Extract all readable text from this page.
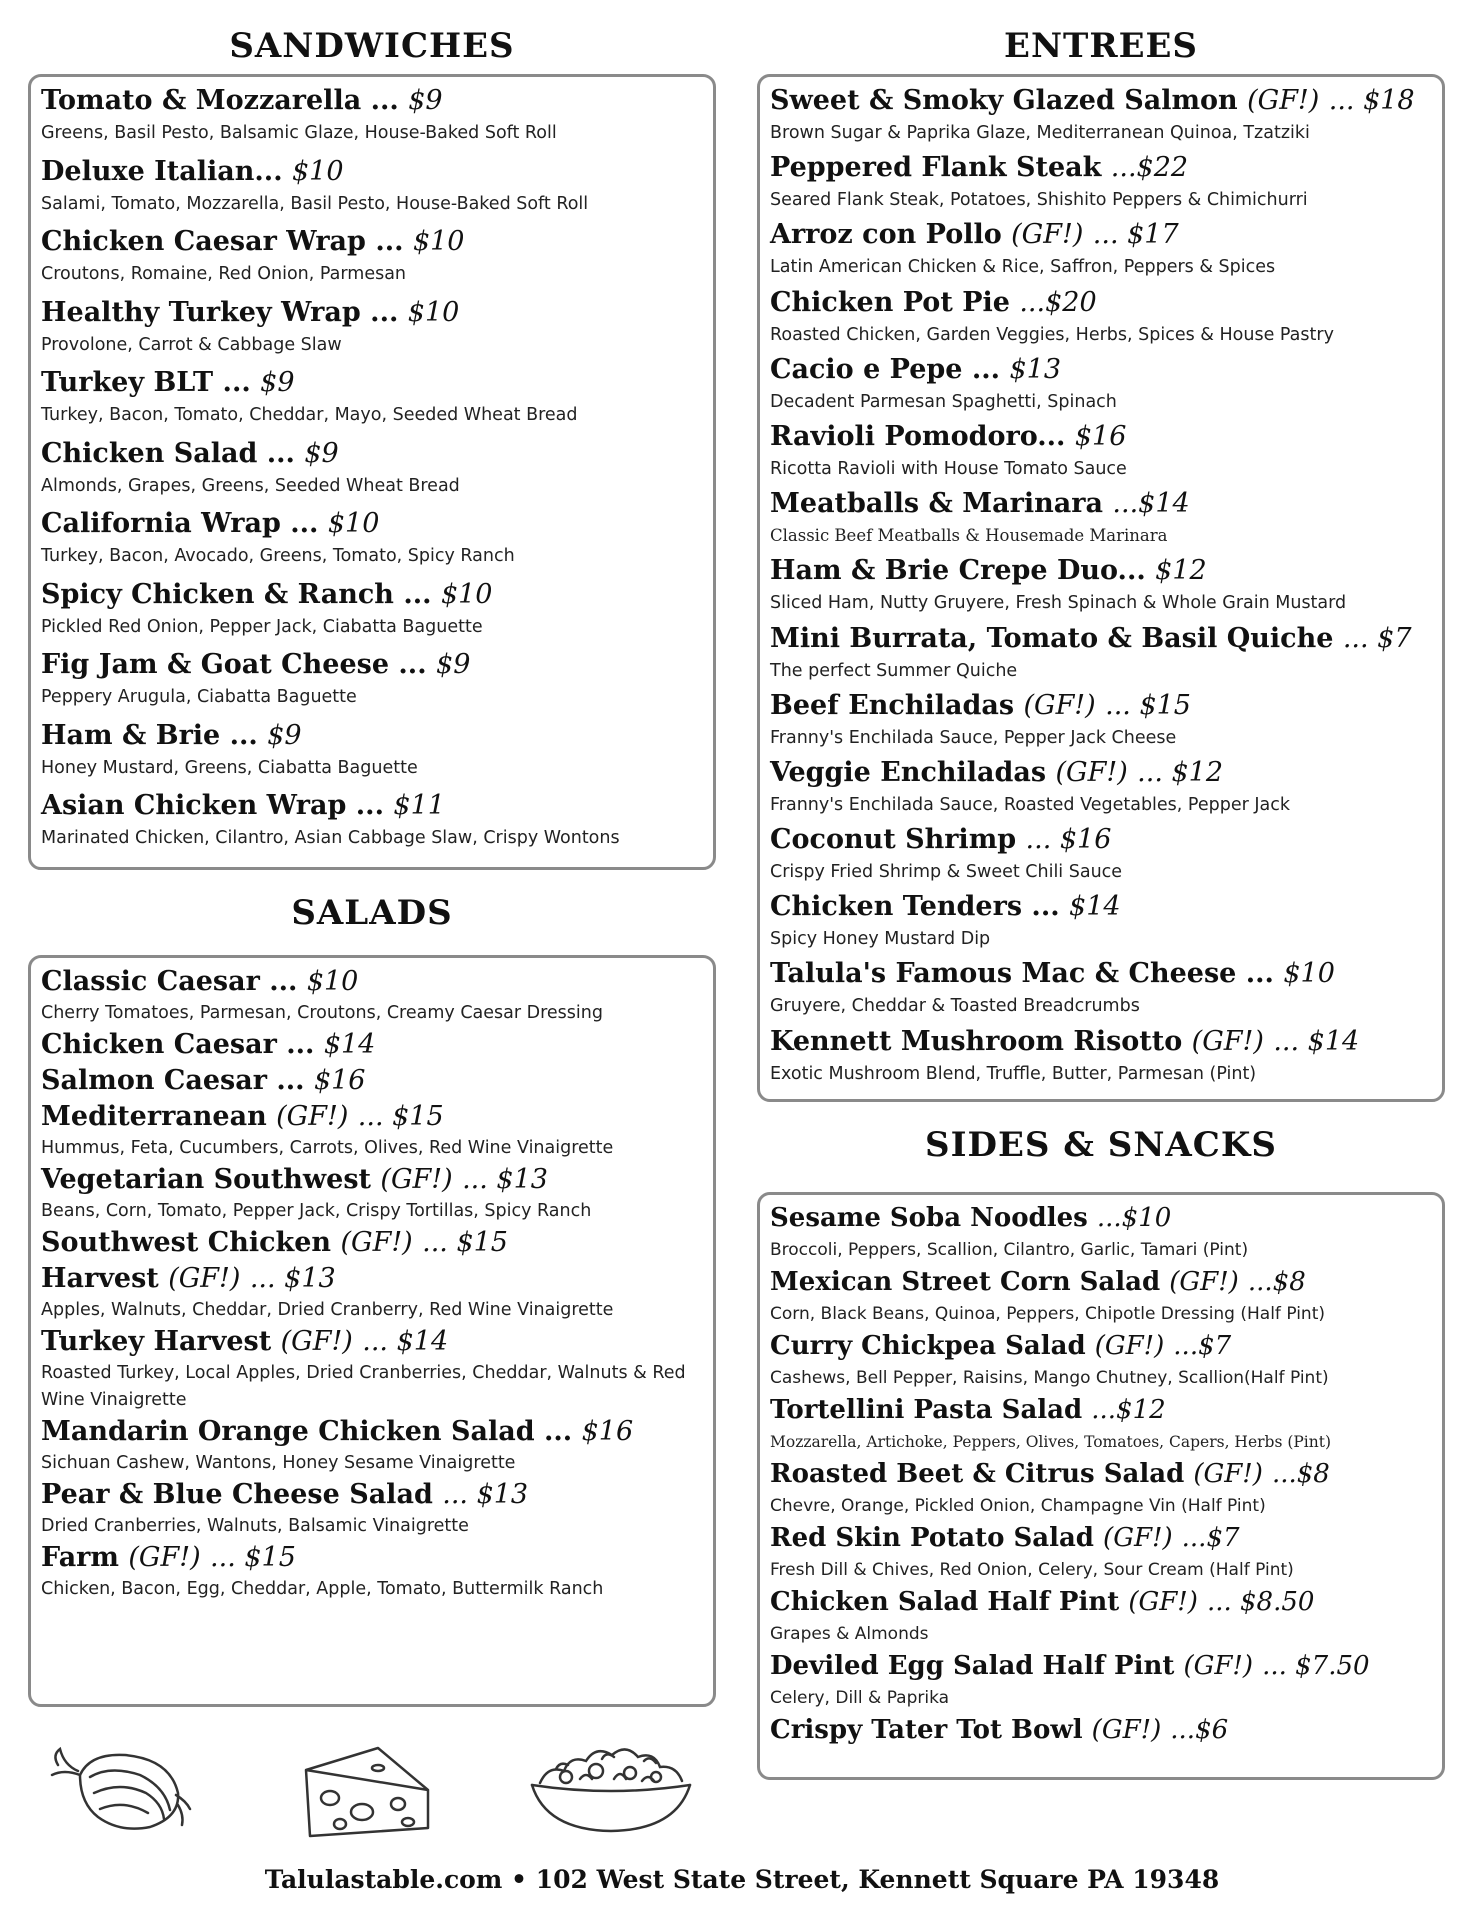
SANDWICHES	ENTREES
SALADS
SIDES & SNACKS
Tomato & Mozzarella ... $9
Greens, Basil Pesto, Balsamic Glaze, House-Baked Soft Roll
Deluxe Italian... $10
Salami, Tomato, Mozzarella, Basil Pesto, House-Baked Soft Roll
Chicken Caesar Wrap ... $10
Croutons, Romaine, Red Onion, Parmesan
Healthy Turkey Wrap ... $10
Provolone, Carrot & Cabbage Slaw
Turkey BLT ... $9
Turkey, Bacon, Tomato, Cheddar, Mayo, Seeded Wheat Bread
Chicken Salad ... $9
Almonds, Grapes, Greens, Seeded Wheat Bread
California Wrap ... $10
Turkey, Bacon, Avocado, Greens, Tomato, Spicy Ranch
Spicy Chicken & Ranch ... $10
Pickled Red Onion, Pepper Jack, Ciabatta Baguette
Fig Jam & Goat Cheese ... $9
Peppery Arugula, Ciabatta Baguette
Ham & Brie ... $9
Honey Mustard, Greens, Ciabatta Baguette
Asian Chicken Wrap ... $11
Marinated Chicken, Cilantro, Asian Cabbage Slaw, Crispy Wontons
Classic Caesar ... $10
Cherry Tomatoes, Parmesan, Croutons, Creamy Caesar Dressing
Chicken Caesar ... $14
Salmon Caesar ... $16
Mediterranean (GF!) ... $15
Hummus, Feta, Cucumbers, Carrots, Olives, Red Wine Vinaigrette
Vegetarian Southwest (GF!) ... $13
Beans, Corn, Tomato, Pepper Jack, Crispy Tortillas, Spicy Ranch
Southwest Chicken (GF!) ... $15
Harvest (GF!) ... $13
Apples, Walnuts, Cheddar, Dried Cranberry, Red Wine Vinaigrette
Turkey Harvest (GF!) ... $14
Roasted Turkey, Local Apples, Dried Cranberries, Cheddar, Walnuts & Red Wine Vinaigrette
Mandarin Orange Chicken Salad ... $16
Sichuan Cashew, Wantons, Honey Sesame Vinaigrette
Pear & Blue Cheese Salad ... $13
Dried Cranberries, Walnuts, Balsamic Vinaigrette
Farm (GF!) ... $15
Chicken, Bacon, Egg, Cheddar, Apple, Tomato, Buttermilk Ranch
Sweet & Smoky Glazed Salmon (GF!) ... $18
Brown Sugar & Paprika Glaze, Mediterranean Quinoa, Tzatziki
Peppered Flank Steak ...$22
Seared Flank Steak, Potatoes, Shishito Peppers & Chimichurri
Arroz con Pollo (GF!) ... $17
Latin American Chicken & Rice, Saffron, Peppers & Spices
Chicken Pot Pie ...$20
Roasted Chicken, Garden Veggies, Herbs, Spices & House Pastry
Cacio e Pepe ... $13
Decadent Parmesan Spaghetti, Spinach
Ravioli Pomodoro... $16
Ricotta Ravioli with House Tomato Sauce
Meatballs & Marinara ...$14
Classic Beef Meatballs & Housemade Marinara
Ham & Brie Crepe Duo... $12
Sliced Ham, Nutty Gruyere, Fresh Spinach & Whole Grain Mustard
Mini Burrata, Tomato & Basil Quiche ... $7
The perfect Summer Quiche
Beef Enchiladas (GF!) ... $15
Franny's Enchilada Sauce, Pepper Jack Cheese
Veggie Enchiladas (GF!) ... $12
Franny's Enchilada Sauce, Roasted Vegetables, Pepper Jack
Coconut Shrimp ... $16
Crispy Fried Shrimp & Sweet Chili Sauce
Chicken Tenders ... $14
Spicy Honey Mustard Dip
Talula's Famous Mac & Cheese ... $10
Gruyere, Cheddar & Toasted Breadcrumbs
Kennett Mushroom Risotto (GF!) ... $14
Exotic Mushroom Blend, Truffle, Butter, Parmesan (Pint)
Sesame Soba Noodles ...$10
Broccoli, Peppers, Scallion, Cilantro, Garlic, Tamari (Pint)
Mexican Street Corn Salad (GF!) ...$8
Corn, Black Beans, Quinoa, Peppers, Chipotle Dressing (Half Pint)
Curry Chickpea Salad (GF!) ...$7
Cashews, Bell Pepper, Raisins, Mango Chutney, Scallion(Half Pint)
Tortellini Pasta Salad ...$12
Mozzarella, Artichoke, Peppers, Olives, Tomatoes, Capers, Herbs (Pint)
Roasted Beet & Citrus Salad (GF!) ...$8
Chevre, Orange, Pickled Onion, Champagne Vin (Half Pint)
Red Skin Potato Salad (GF!) ...$7
Fresh Dill & Chives, Red Onion, Celery, Sour Cream (Half Pint)
Chicken Salad Half Pint (GF!) ... $8.50
Grapes & Almonds
Deviled Egg Salad Half Pint (GF!) ... $7.50
Celery, Dill & Paprika
Crispy Tater Tot Bowl (GF!) ...$6
Talulastable.com • 102 West State Street, Kennett Square PA 19348
